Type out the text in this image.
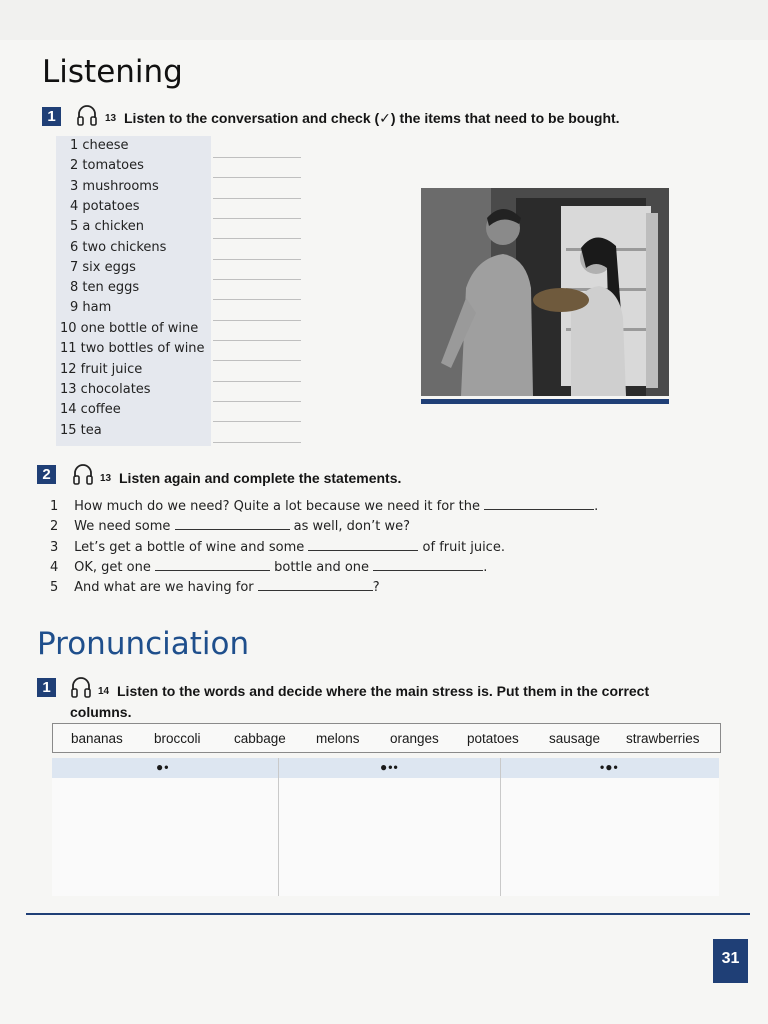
Listening
1	13 Listen to the conversation and check (✓) the items that need to be bought.
1 cheese
2 tomatoes
3 mushrooms
4 potatoes
5 a chicken
6 two chickens
7 six eggs
8 ten eggs
9 ham
10 one bottle of wine
11 two bottles of wine
12 fruit juice
13 chocolates
14 coffee
15 tea
2	13 Listen again and complete the statements.
1 How much do we need? Quite a lot because we need it for the	.
2 We need some	as well, don’t we?
3 Let’s get a bottle of wine and some	of fruit juice.
4 OK, get one	bottle and one	.
5 And what are we having for	?
Pronunciation
1	14 Listen to the words and decide where the main stress is. Put them in the correct
columns.
bananas broccoli cabbage melons oranges potatoes sausage strawberries
●•	●••	•●•
31
